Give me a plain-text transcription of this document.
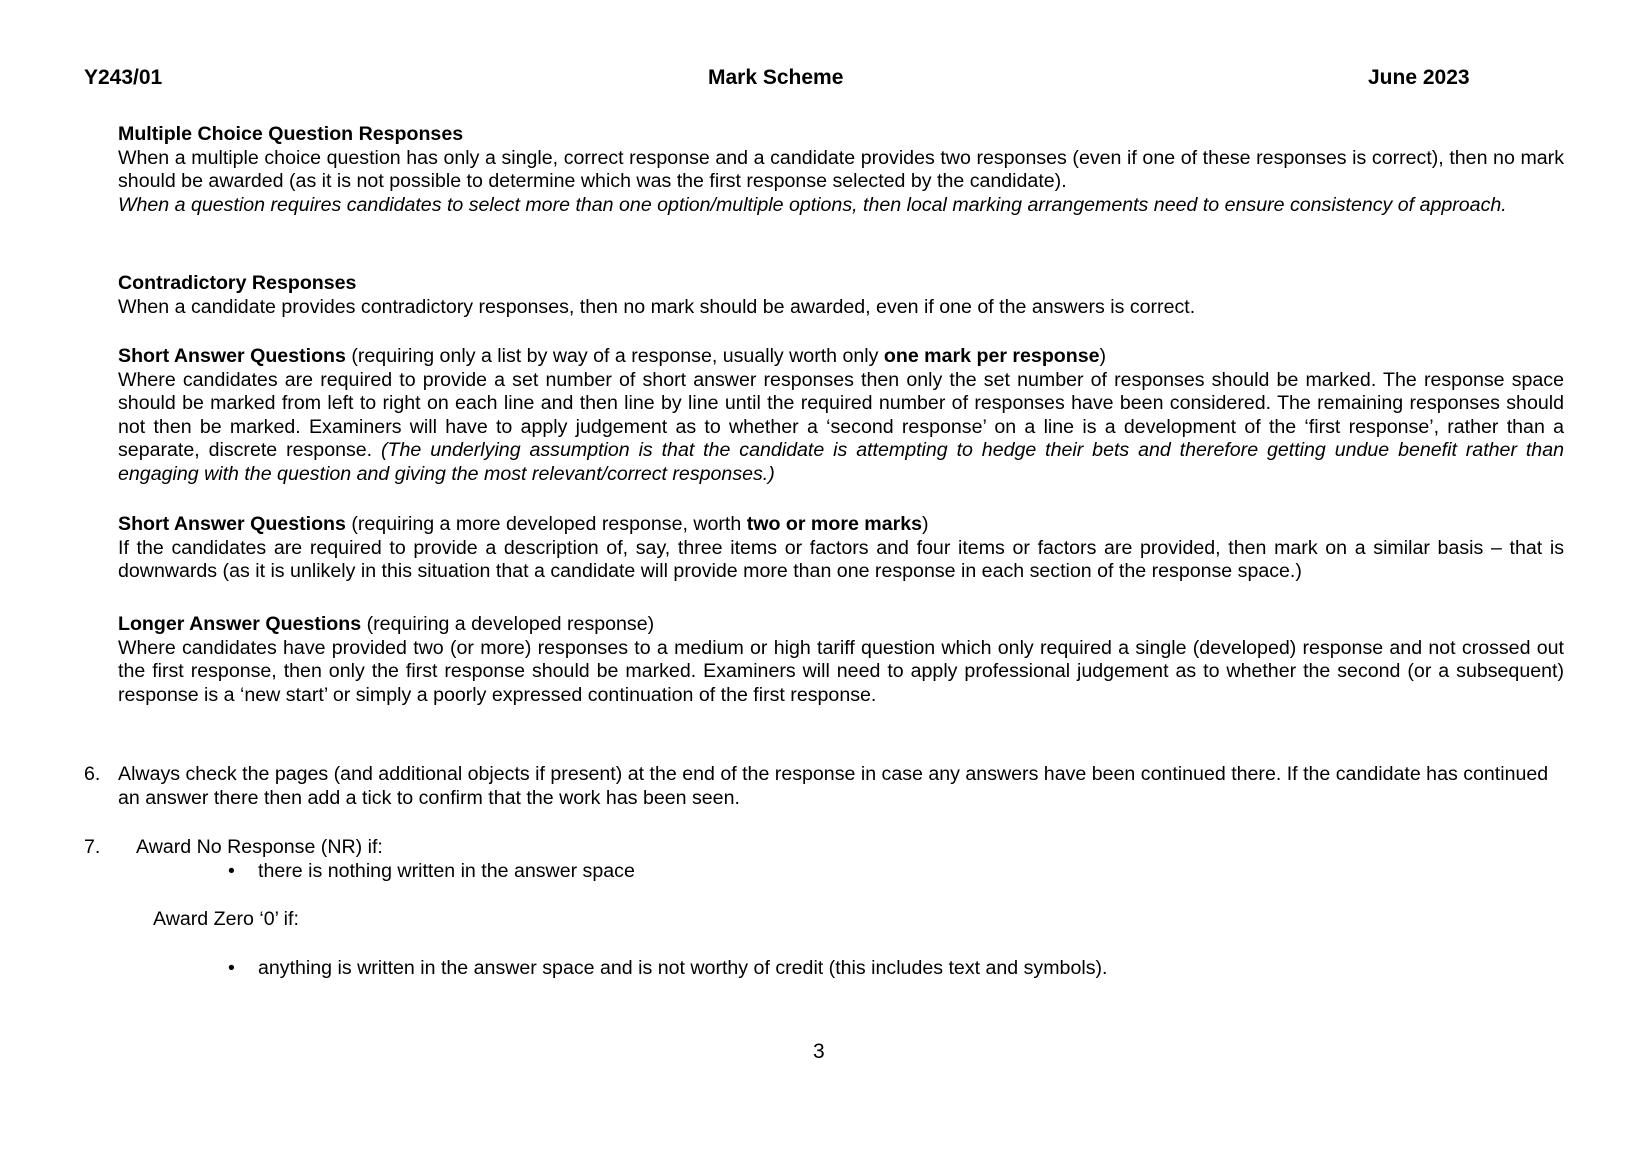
Y243/01	Mark Scheme	June 2023

Multiple Choice Question Responses

When a multiple choice question has only a single, correct response and a candidate provides two responses (even if one of these responses is correct), then no mark should be awarded (as it is not possible to determine which was the first response selected by the candidate).

When a question requires candidates to select more than one option/multiple options, then local marking arrangements need to ensure consistency of approach.

Contradictory Responses

When a candidate provides contradictory responses, then no mark should be awarded, even if one of the answers is correct.

Short Answer Questions (requiring only a list by way of a response, usually worth only one mark per response)

Where candidates are required to provide a set number of short answer responses then only the set number of responses should be marked. The response space should be marked from left to right on each line and then line by line until the required number of responses have been considered. The remaining responses should not then be marked. Examiners will have to apply judgement as to whether a ‘second response’ on a line is a development of the ‘first response’, rather than a separate, discrete response. (The underlying assumption is that the candidate is attempting to hedge their bets and therefore getting undue benefit rather than engaging with the question and giving the most relevant/correct responses.)

Short Answer Questions (requiring a more developed response, worth two or more marks)

If the candidates are required to provide a description of, say, three items or factors and four items or factors are provided, then mark on a similar basis – that is downwards (as it is unlikely in this situation that a candidate will provide more than one response in each section of the response space.)

Longer Answer Questions (requiring a developed response)

Where candidates have provided two (or more) responses to a medium or high tariff question which only required a single (developed) response and not crossed out the first response, then only the first response should be marked. Examiners will need to apply professional judgement as to whether the second (or a subsequent) response is a ‘new start’ or simply a poorly expressed continuation of the first response.

6. Always check the pages (and additional objects if present) at the end of the response in case any answers have been continued there. If the candidate has continued an answer there then add a tick to confirm that the work has been seen.
7. Award No Response (NR) if:
• there is nothing written in the answer space
Award Zero ‘0’ if:
• anything is written in the answer space and is not worthy of credit (this includes text and symbols).
3
